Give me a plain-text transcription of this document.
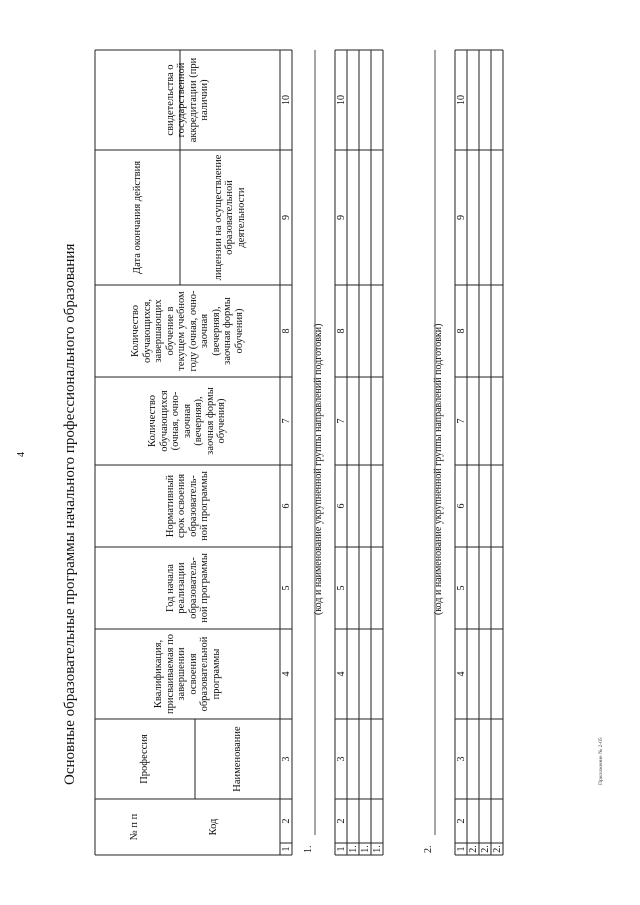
Основные образовательные программы начального профессионального образования
4
№ п п
Профессия
Код
Наименование
Квалификация, присваиваемая по завершении освоения образовательной программы
Год начала реализации образователь- ной программы
Нормативный срок освоения образователь- ной программы
Количество обучающихся (очная, очно-заочная (вечерняя), заочная формы обучения)
Количество обучающихся, завершающих обучение в текущем учебном году (очная, очно-заочная (вечерняя), заочная формы обучения)
Дата окончания действия	лицензии на осуществление образовательной деятельности
свидетельства о государственной аккредитации (при наличии)
1
2
3
4
5
6
7
8
9
10
1.
(код и наименование укрупненной группы направлений подготовки)
1
2
3
4
5
6
7
8
9
10
1. 1. 1.	2.
(код и наименование укрупненной группы направлений подготовки)
1
2
3
4
5
6
7
8
9
10
2. 2. 2.
Приложение № 2-05
